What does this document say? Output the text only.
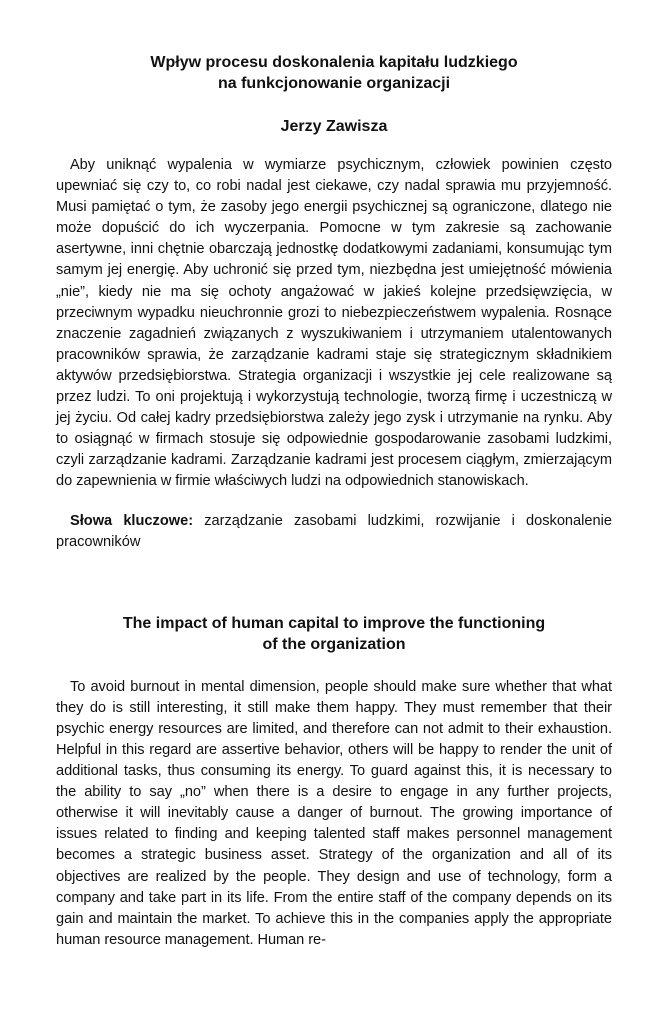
Wpływ procesu doskonalenia kapitału ludzkiego
na funkcjonowanie organizacji

Jerzy Zawisza

Aby uniknąć wypalenia w wymiarze psychicznym, człowiek powinien często upewniać się czy to, co robi nadal jest ciekawe, czy nadal sprawia mu przyjemność. Musi pamiętać o tym, że zasoby jego energii psychicznej są ograniczone, dlatego nie może dopuścić do ich wyczerpania. Pomocne w tym zakresie są zachowanie asertywne, inni chętnie obarczają jednostkę dodatkowymi zadaniami, konsumując tym samym jej energię. Aby uchronić się przed tym, niezbędna jest umiejętność mówienia „nie”, kiedy nie ma się ochoty angażować w jakieś kolejne przedsięwzięcia, w przeciwnym wypadku nieuchronnie grozi to niebezpieczeństwem wypalenia. Rosnące znaczenie zagadnień związanych z wyszukiwaniem i utrzymaniem utalentowanych pracowników sprawia, że zarządzanie kadrami staje się strategicznym składnikiem aktywów przedsiębiorstwa. Strategia organizacji i wszystkie jej cele realizowane są przez ludzi. To oni projektują i wykorzystują technologie, tworzą firmę i uczestniczą w jej życiu. Od całej kadry przedsiębiorstwa zależy jego zysk i utrzymanie na rynku. Aby to osiągnąć w firmach stosuje się odpowiednie gospodarowanie zasobami ludzkimi, czyli zarządzanie kadrami. Zarządzanie kadrami jest procesem ciągłym, zmierzającym do zapewnienia w firmie właściwych ludzi na odpowiednich stanowiskach.

Słowa kluczowe: zarządzanie zasobami ludzkimi, rozwijanie i doskonalenie pracowników

The impact of human capital to improve the functioning
of the organization

To avoid burnout in mental dimension, people should make sure whether that what they do is still interesting, it still make them happy. They must remember that their psychic energy resources are limited, and therefore can not admit to their exhaustion. Helpful in this regard are assertive behavior, others will be happy to render the unit of additional tasks, thus consuming its energy. To guard against this, it is necessary to the ability to say „no” when there is a desire to engage in any further projects, otherwise it will inevitably cause a danger of burnout. The growing importance of issues related to finding and keeping talented staff makes personnel management becomes a strategic business asset. Strategy of the organization and all of its objectives are realized by the people. They design and use of technology, form a company and take part in its life. From the entire staff of the company depends on its gain and maintain the market. To achieve this in the companies apply the appropriate human resource management. Human re-
